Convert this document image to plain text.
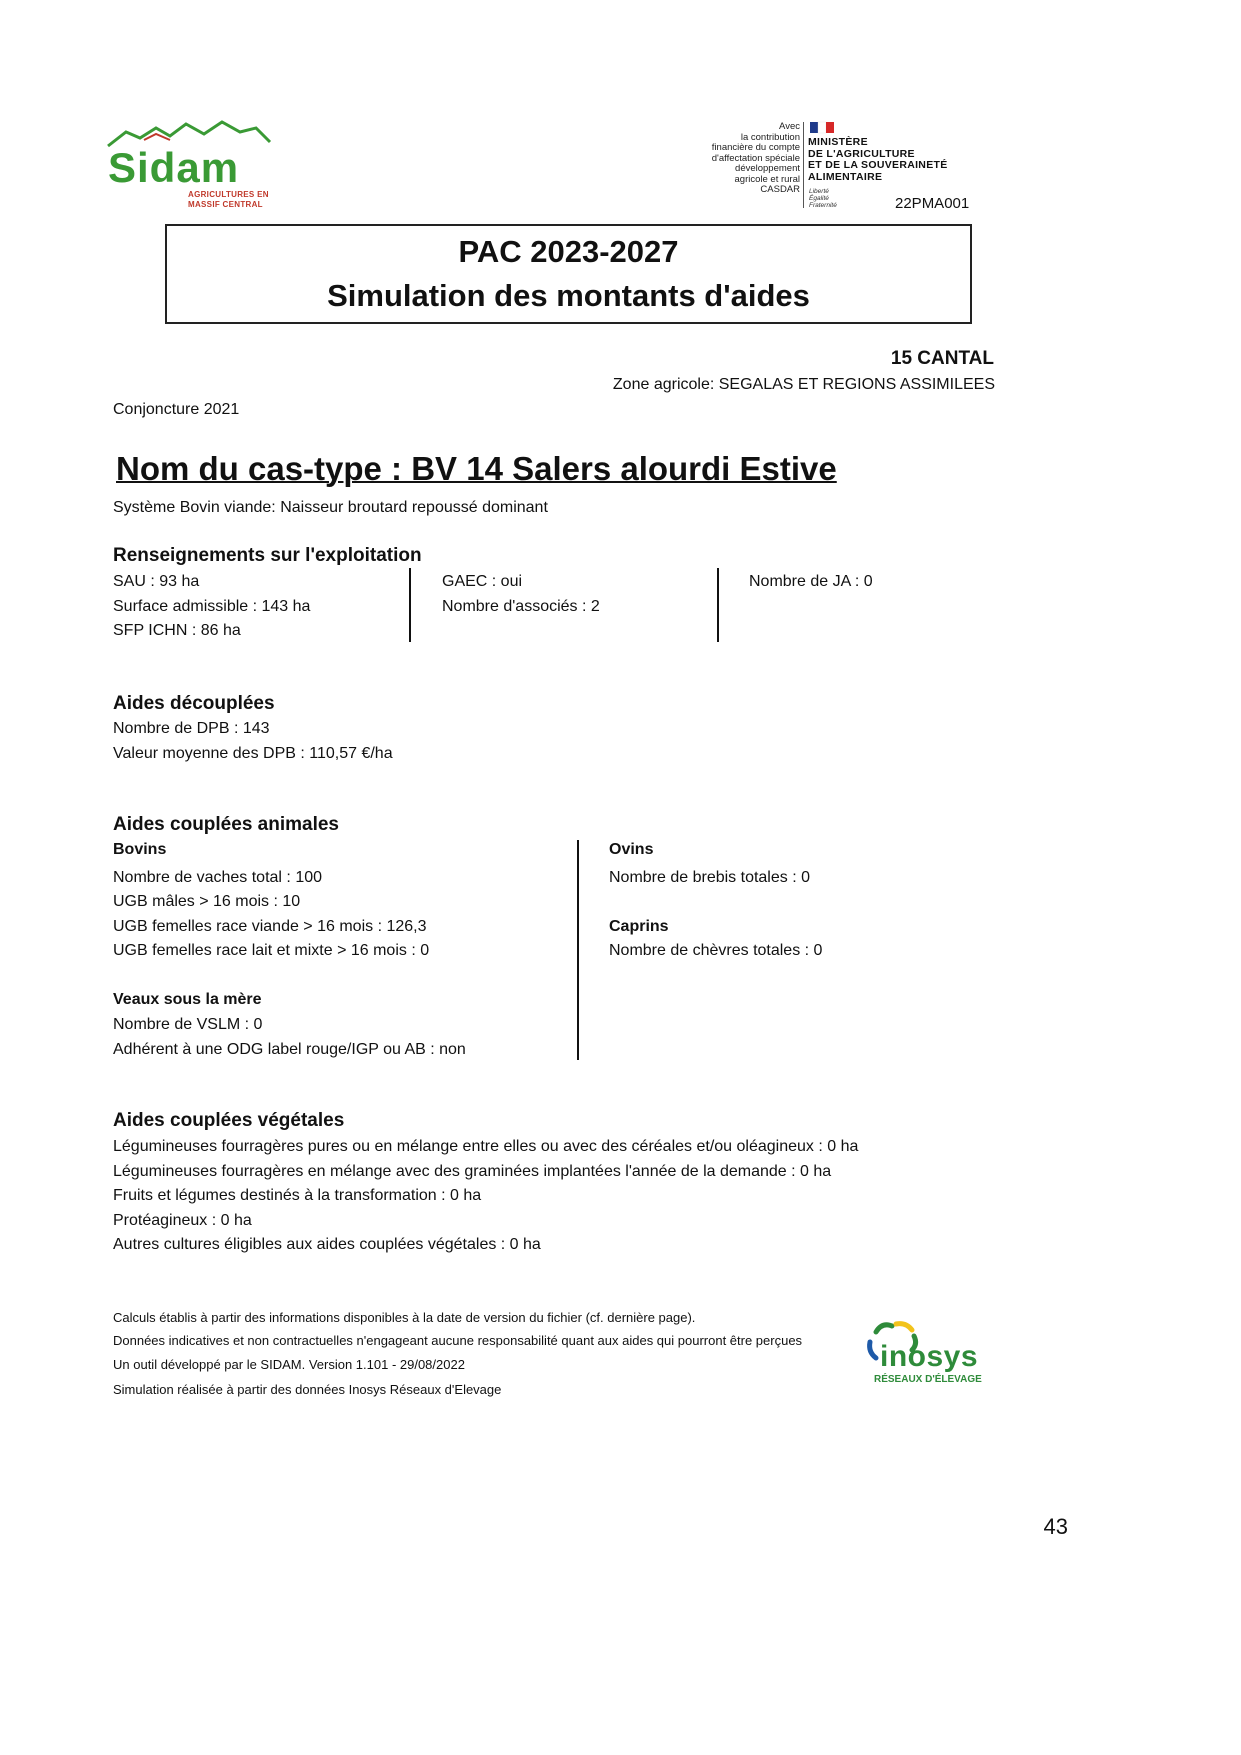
Sidam
AGRICULTURES EN
MASSIF CENTRAL
Avec
la contribution
financière du compte
d'affectation spéciale
développement
agricole et rural
CASDAR
MINISTÈRE
DE L'AGRICULTURE
ET DE LA SOUVERAINETÉ
ALIMENTAIRE
Liberté
Égalité
Fraternité	22PMA001
PAC 2023-2027
Simulation des montants d'aides
15 CANTAL
Zone agricole: SEGALAS ET REGIONS ASSIMILEES
Conjoncture 2021
Nom du cas-type : BV 14 Salers alourdi Estive
Système Bovin viande: Naisseur broutard repoussé dominant
Renseignements sur l'exploitation
SAU : 93 ha
Surface admissible : 143 ha
SFP ICHN : 86 ha
GAEC : oui
Nombre d'associés : 2
Nombre de JA : 0
Aides découplées
Nombre de DPB : 143
Valeur moyenne des DPB : 110,57 €/ha
Aides couplées animales
Bovins
Nombre de vaches total : 100
UGB mâles > 16 mois : 10
UGB femelles race viande > 16 mois : 126,3
UGB femelles race lait et mixte > 16 mois : 0
Veaux sous la mère
Nombre de VSLM : 0
Adhérent à une ODG label rouge/IGP ou AB : non
Ovins
Nombre de brebis totales : 0
Caprins
Nombre de chèvres totales : 0
Aides couplées végétales
Légumineuses fourragères pures ou en mélange entre elles ou avec des céréales et/ou oléagineux : 0 ha
Légumineuses fourragères en mélange avec des graminées implantées l'année de la demande : 0 ha
Fruits et légumes destinés à la transformation : 0 ha
Protéagineux : 0 ha
Autres cultures éligibles aux aides couplées végétales : 0 ha
Calculs établis à partir des informations disponibles à la date de version du fichier (cf. dernière page).
Données indicatives et non contractuelles n'engageant aucune responsabilité quant aux aides qui pourront être perçues
Un outil développé par le SIDAM. Version 1.101 - 29/08/2022
Simulation réalisée à partir des données Inosys Réseaux d'Elevage
inosys
RÉSEAUX D'ÉLEVAGE
43
